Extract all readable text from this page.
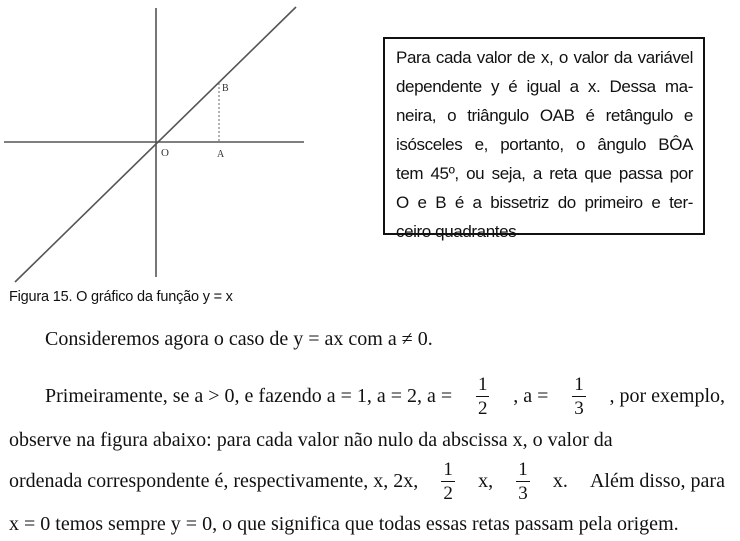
O	A
B
Para cada valor de x, o valor da variável
dependente y é igual a x. Dessa ma-
neira, o triângulo OAB é retângulo e
isósceles e, portanto, o ângulo BÔA
tem 45º, ou seja, a reta que passa por
O e B é a bissetriz do primeiro e ter-
ceiro quadrantes
Figura 15. O gráfico da função y = x
Consideremos agora o caso de y = ax com a ≠ 0.
Primeiramente, se a > 0, e fazendo a = 1, a = 2, $a = \frac{1}{2}$ , $a = \frac{1}{3}$ , por exemplo,
observe na figura abaixo: para cada valor não nulo da abscissa x, o valor da
ordenada correspondente é, respectivamente, x, 2x, $\frac{1}{2} x$, $\frac{1}{3} x$. Além disso, para
x = 0 temos sempre y = 0, o que significa que todas essas retas passam pela origem.
